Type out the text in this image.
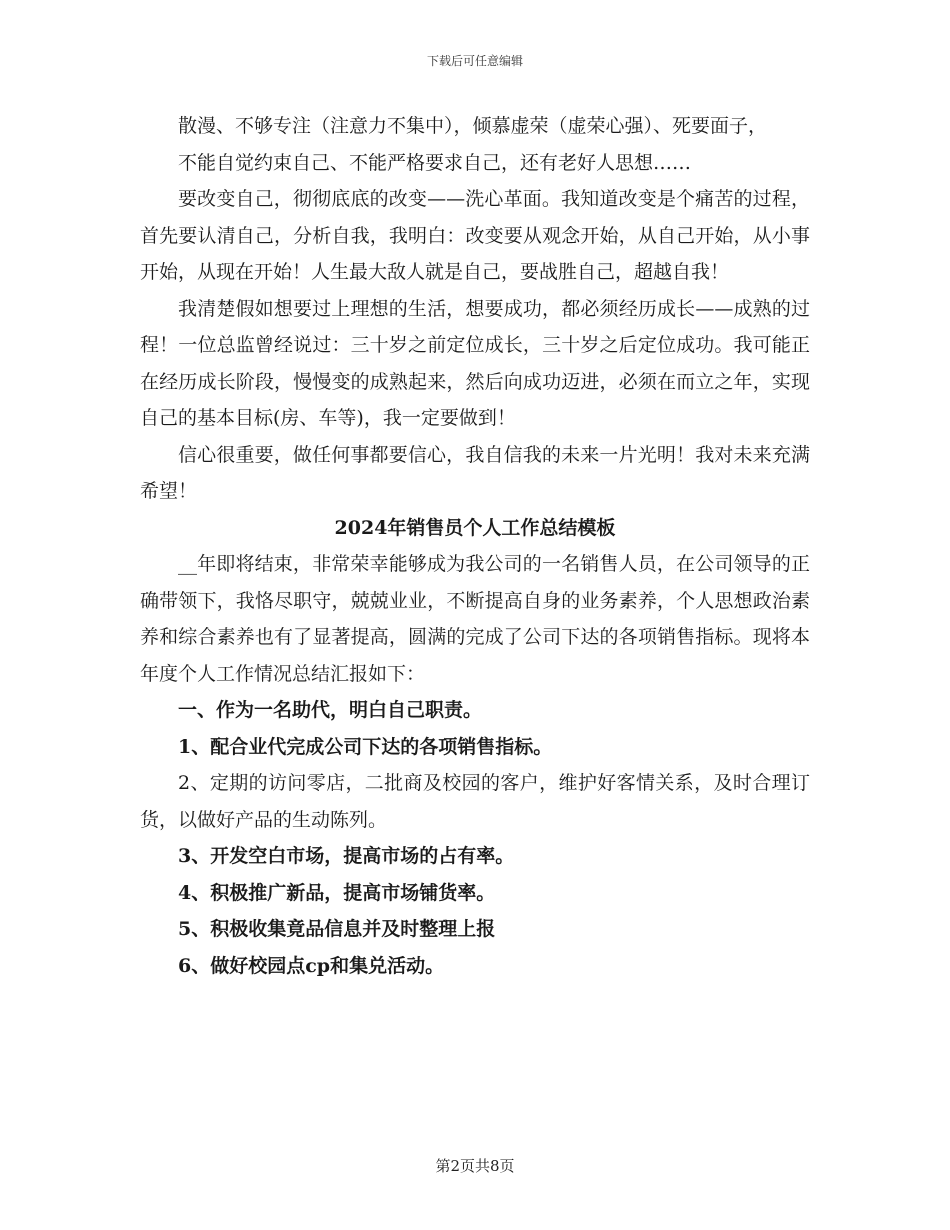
下载后可任意编辑

散漫、不够专注（注意力不集中），倾慕虚荣（虚荣心强）、死要面子，

不能自觉约束自己、不能严格要求自己，还有老好人思想……

要改变自己，彻彻底底的改变——洗心革面。我知道改变是个痛苦的过程，首先要认清自己，分析自我，我明白：改变要从观念开始，从自己开始，从小事开始，从现在开始！人生最大敌人就是自己，要战胜自己，超越自我！

我清楚假如想要过上理想的生活，想要成功，都必须经历成长——成熟的过程！一位总监曾经说过：三十岁之前定位成长，三十岁之后定位成功。我可能正在经历成长阶段，慢慢变的成熟起来，然后向成功迈进，必须在而立之年，实现自己的基本目标(房、车等)，我一定要做到！

信心很重要，做任何事都要信心，我自信我的未来一片光明！我对未来充满希望！

2024年销售员个人工作总结模板

__年即将结束，非常荣幸能够成为我公司的一名销售人员，在公司领导的正确带领下，我恪尽职守，兢兢业业，不断提高自身的业务素养，个人思想政治素养和综合素养也有了显著提高，圆满的完成了公司下达的各项销售指标。现将本年度个人工作情况总结汇报如下：

一、作为一名助代，明白自己职责。

1、配合业代完成公司下达的各项销售指标。

2、定期的访问零店，二批商及校园的客户，维护好客情关系，及时合理订货，以做好产品的生动陈列。

3、开发空白市场，提高市场的占有率。

4、积极推广新品，提高市场铺货率。

5、积极收集竟品信息并及时整理上报

6、做好校园点cp和集兑活动。

第2页共8页
